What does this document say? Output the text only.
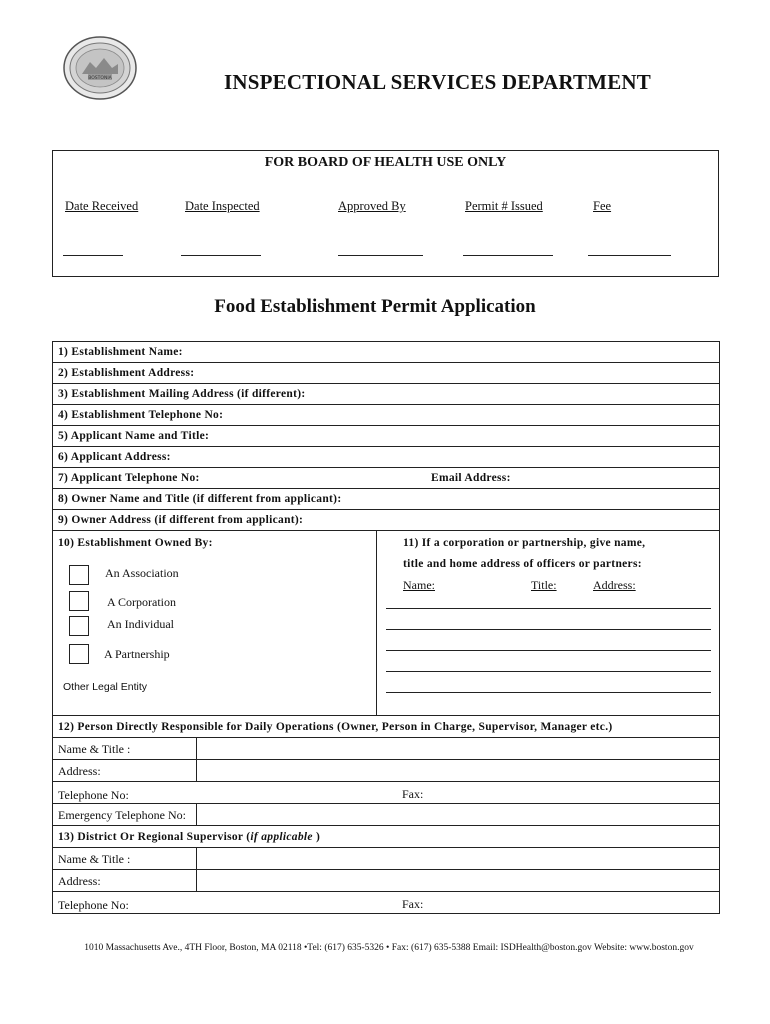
BOSTONIA	INSPECTIONAL SERVICES DEPARTMENT
FOR BOARD OF HEALTH USE ONLY
Date Received	Date Inspected	Approved By	Permit # Issued	Fee
Food Establishment Permit Application
1) Establishment Name:
2) Establishment Address:
3) Establishment Mailing Address (if different):
4) Establishment Telephone No:
5) Applicant Name and Title:
6) Applicant Address:
7) Applicant Telephone No:	Email Address:
8) Owner Name and Title (if different from applicant):
9) Owner Address (if different from applicant):
10) Establishment Owned By:
An Association
A Corporation
An Individual
A Partnership
Other Legal Entity
11) If a corporation or partnership, give name,
title and home address of officers or partners:
Name:	Title:	Address:
12) Person Directly Responsible for Daily Operations (Owner, Person in Charge, Supervisor, Manager etc.)
Name & Title :
Address:
Telephone No:	Fax:
Emergency Telephone No:
13) District Or Regional Supervisor (if applicable )
Name & Title :
Address:
Telephone No:	Fax:
1010 Massachusetts Ave., 4TH Floor, Boston, MA 02118 •Tel: (617) 635-5326 • Fax: (617) 635-5388 Email: ISDHealth@boston.gov Website: www.boston.gov
